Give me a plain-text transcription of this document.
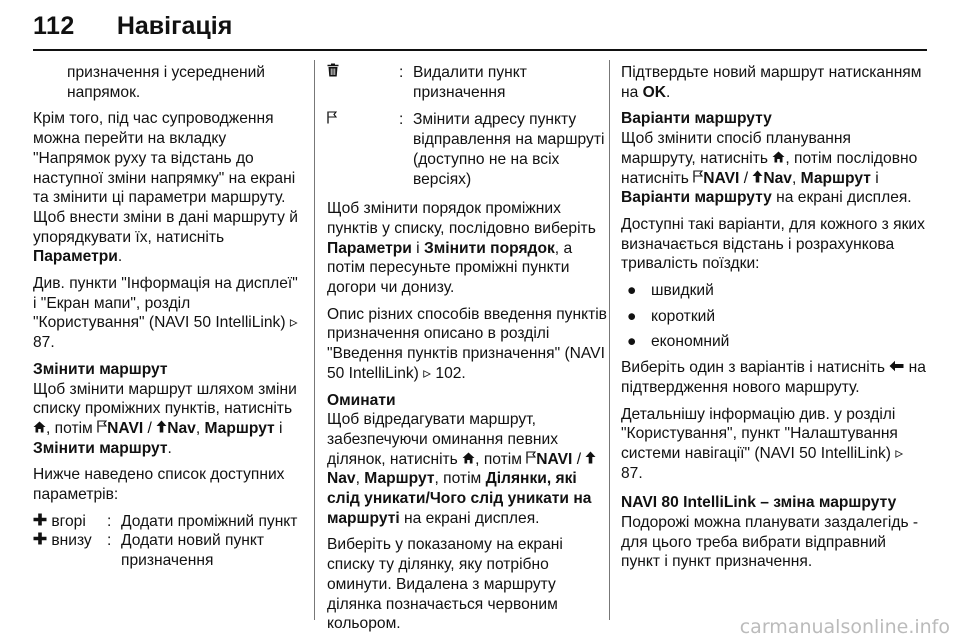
112 Навігація

призначення і усереднений напрямок.

Крім того, під час супроводження можна перейти на вкладку "Напрямок руху та відстань до наступної зміни напрямку" на екрані та змінити ці параметри маршруту. Щоб внести зміни в дані маршруту й упорядкувати їх, натисніть Параметри.

Див. пункти "Інформація на дисплеї" і "Екран мапи", розділ "Користування" (NAVI 50 IntelliLink) ▹ 87.

Змінити маршрут

Щоб змінити маршрут шляхом зміни списку проміжних пунктів, натисніть , потім NAVI / Nav, Маршрут і Змінити маршрут.

Нижче наведено список доступних параметрів:

вгорі	: Додати проміжний пункт
внизу : Додати новий пункт призначення
: Видалити пункт призначення
: Змінити адресу пункту відправлення на маршруті (доступно не на всіх версіях)

Щоб змінити порядок проміжних пунктів у списку, послідовно виберіть Параметри і Змінити порядок, а потім пересуньте проміжні пункти догори чи донизу.

Опис різних способів введення пунктів призначення описано в розділі "Введення пунктів призначення" (NAVI 50 IntelliLink) ▹ 102.

Оминати

Щоб відредагувати маршрут, забезпечуючи оминання певних ділянок, натисніть , потім NAVI / Nav, Маршрут, потім Ділянки, які слід уникати/Чого слід уникати на маршруті на екрані дисплея.

Виберіть у показаному на екрані списку ту ділянку, яку потрібно оминути. Видалена з маршруту ділянка позначається червоним кольором.

Підтвердьте новий маршрут натисканням на OK.

Варіанти маршруту

Щоб змінити спосіб планування маршруту, натисніть , потім послідовно натисніть NAVI / Nav, Маршрут і Варіанти маршруту на екрані дисплея.

Доступні такі варіанти, для кожного з яких визначається відстань і розрахункова тривалість поїздки:

● швидкий
● короткий
● економний

Виберіть один з варіантів і натисніть  на підтвердження нового маршруту.

Детальнішу інформацію див. у розділі "Користування", пункт "Налаштування системи навігації" (NAVI 50 IntelliLink) ▹ 87.

NAVI 80 IntelliLink – зміна маршруту

Подорожі можна планувати заздалегідь - для цього треба вибрати відправний пункт і пункт призначення.

carmanualsonline.info
